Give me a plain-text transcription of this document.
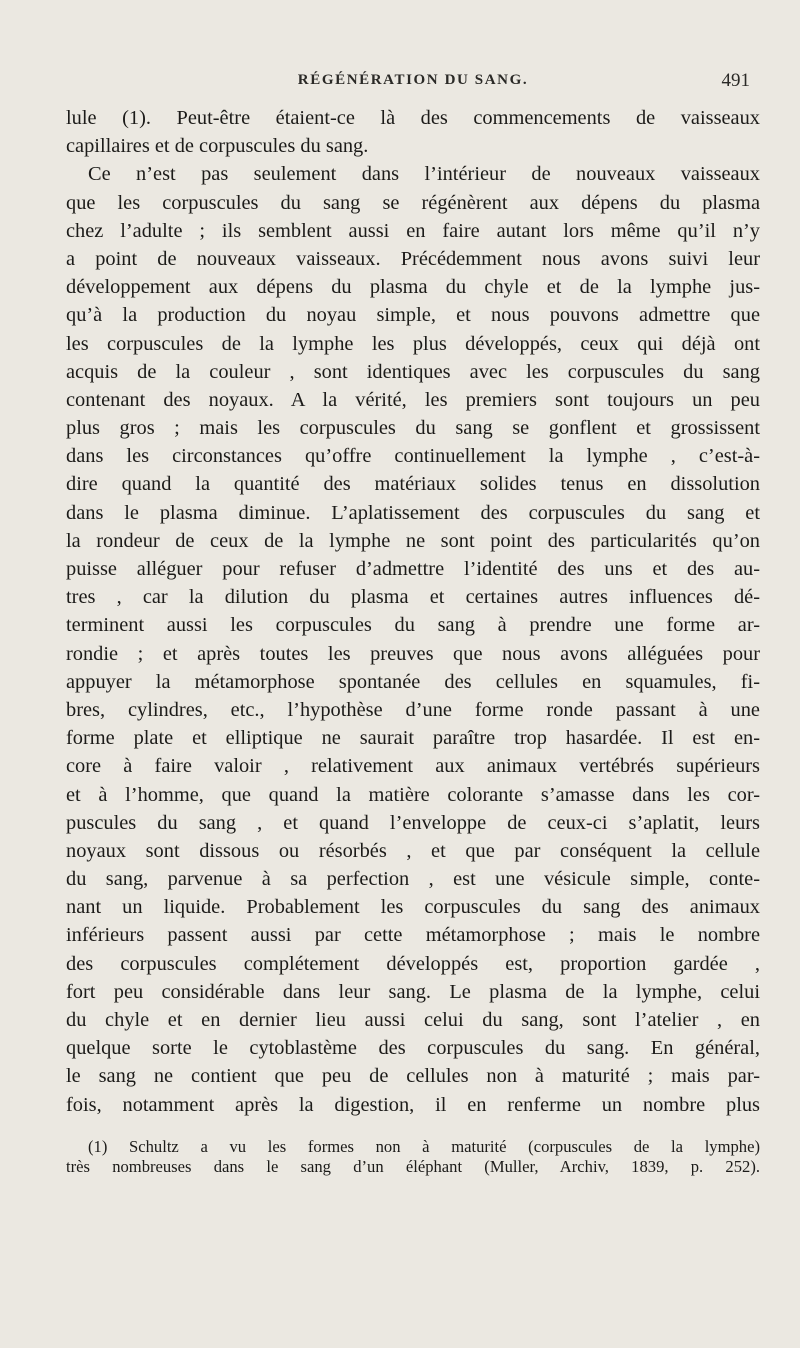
RÉGÉNÉRATION DU SANG.	491
lule (1). Peut-être étaient-ce là des commencements de vaisseaux
capillaires et de corpuscules du sang.
Ce n’est pas seulement dans l’intérieur de nouveaux vaisseaux
que les corpuscules du sang se régénèrent aux dépens du plasma
chez l’adulte ; ils semblent aussi en faire autant lors même qu’il n’y
a point de nouveaux vaisseaux. Précédemment nous avons suivi leur
développement aux dépens du plasma du chyle et de la lymphe jus-
qu’à la production du noyau simple, et nous pouvons admettre que
les corpuscules de la lymphe les plus développés, ceux qui déjà ont
acquis de la couleur , sont identiques avec les corpuscules du sang
contenant des noyaux. A la vérité, les premiers sont toujours un peu
plus gros ; mais les corpuscules du sang se gonflent et grossissent
dans les circonstances qu’offre continuellement la lymphe , c’est-à-
dire quand la quantité des matériaux solides tenus en dissolution
dans le plasma diminue. L’aplatissement des corpuscules du sang et
la rondeur de ceux de la lymphe ne sont point des particularités qu’on
puisse alléguer pour refuser d’admettre l’identité des uns et des au-
tres , car la dilution du plasma et certaines autres influences dé-
terminent aussi les corpuscules du sang à prendre une forme ar-
rondie ; et après toutes les preuves que nous avons alléguées pour
appuyer la métamorphose spontanée des cellules en squamules, fi-
bres, cylindres, etc., l’hypothèse d’une forme ronde passant à une
forme plate et elliptique ne saurait paraître trop hasardée. Il est en-
core à faire valoir , relativement aux animaux vertébrés supérieurs
et à l’homme, que quand la matière colorante s’amasse dans les cor-
puscules du sang , et quand l’enveloppe de ceux-ci s’aplatit, leurs
noyaux sont dissous ou résorbés , et que par conséquent la cellule
du sang, parvenue à sa perfection , est une vésicule simple, conte-
nant un liquide. Probablement les corpuscules du sang des animaux
inférieurs passent aussi par cette métamorphose ; mais le nombre
des corpuscules complétement développés est, proportion gardée ,
fort peu considérable dans leur sang. Le plasma de la lymphe, celui
du chyle et en dernier lieu aussi celui du sang, sont l’atelier , en
quelque sorte le cytoblastème des corpuscules du sang. En général,
le sang ne contient que peu de cellules non à maturité ; mais par-
fois, notamment après la digestion, il en renferme un nombre plus
(1) Schultz a vu les formes non à maturité (corpuscules de la lymphe)
très nombreuses dans le sang d’un éléphant (Muller, Archiv, 1839, p. 252).
